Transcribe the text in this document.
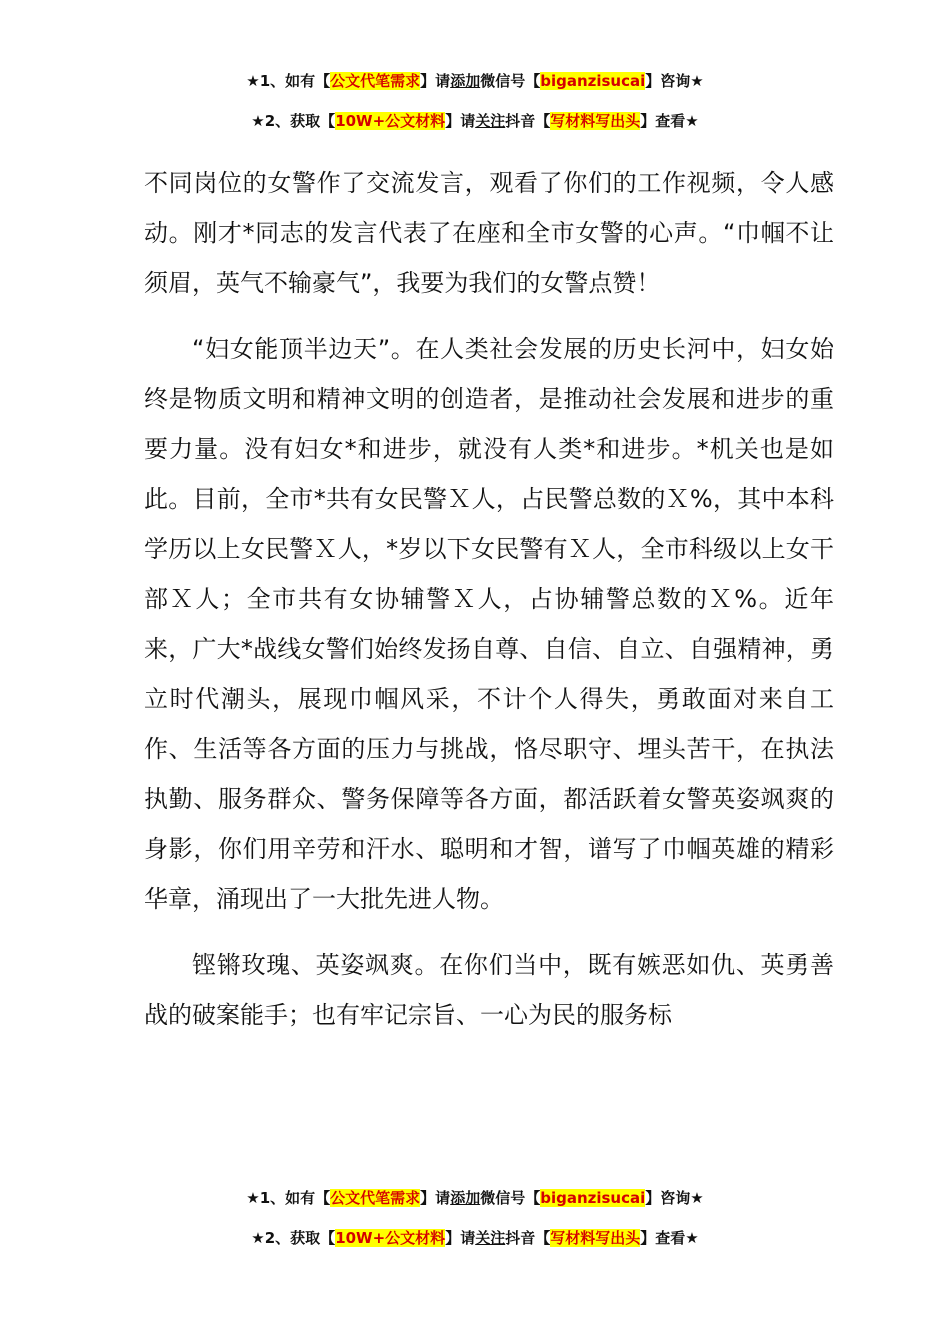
★1、如有【公文代笔需求】请添加微信号【biganzisucai】咨询★
★2、获取【10W+公文材料】请关注抖音【写材料写出头】查看★

不同岗位的女警作了交流发言，观看了你们的工作视频，令人感动。刚才*同志的发言代表了在座和全市女警的心声。“巾帼不让须眉，英气不输豪气”，我要为我们的女警点赞！

“妇女能顶半边天”。在人类社会发展的历史长河中，妇女始终是物质文明和精神文明的创造者，是推动社会发展和进步的重要力量。没有妇女*和进步，就没有人类*和进步。*机关也是如此。目前，全市*共有女民警Ｘ人，占民警总数的Ｘ%，其中本科学历以上女民警Ｘ人，*岁以下女民警有Ｘ人，全市科级以上女干部Ｘ人；全市共有女协辅警Ｘ人，占协辅警总数的Ｘ%。近年来，广大*战线女警们始终发扬自尊、自信、自立、自强精神，勇立时代潮头，展现巾帼风采，不计个人得失，勇敢面对来自工作、生活等各方面的压力与挑战，恪尽职守、埋头苦干，在执法执勤、服务群众、警务保障等各方面，都活跃着女警英姿飒爽的身影，你们用辛劳和汗水、聪明和才智，谱写了巾帼英雄的精彩华章，涌现出了一大批先进人物。

铿锵玫瑰、英姿飒爽。在你们当中，既有嫉恶如仇、英勇善战的破案能手；也有牢记宗旨、一心为民的服务标

★1、如有【公文代笔需求】请添加微信号【biganzisucai】咨询★
★2、获取【10W+公文材料】请关注抖音【写材料写出头】查看★
